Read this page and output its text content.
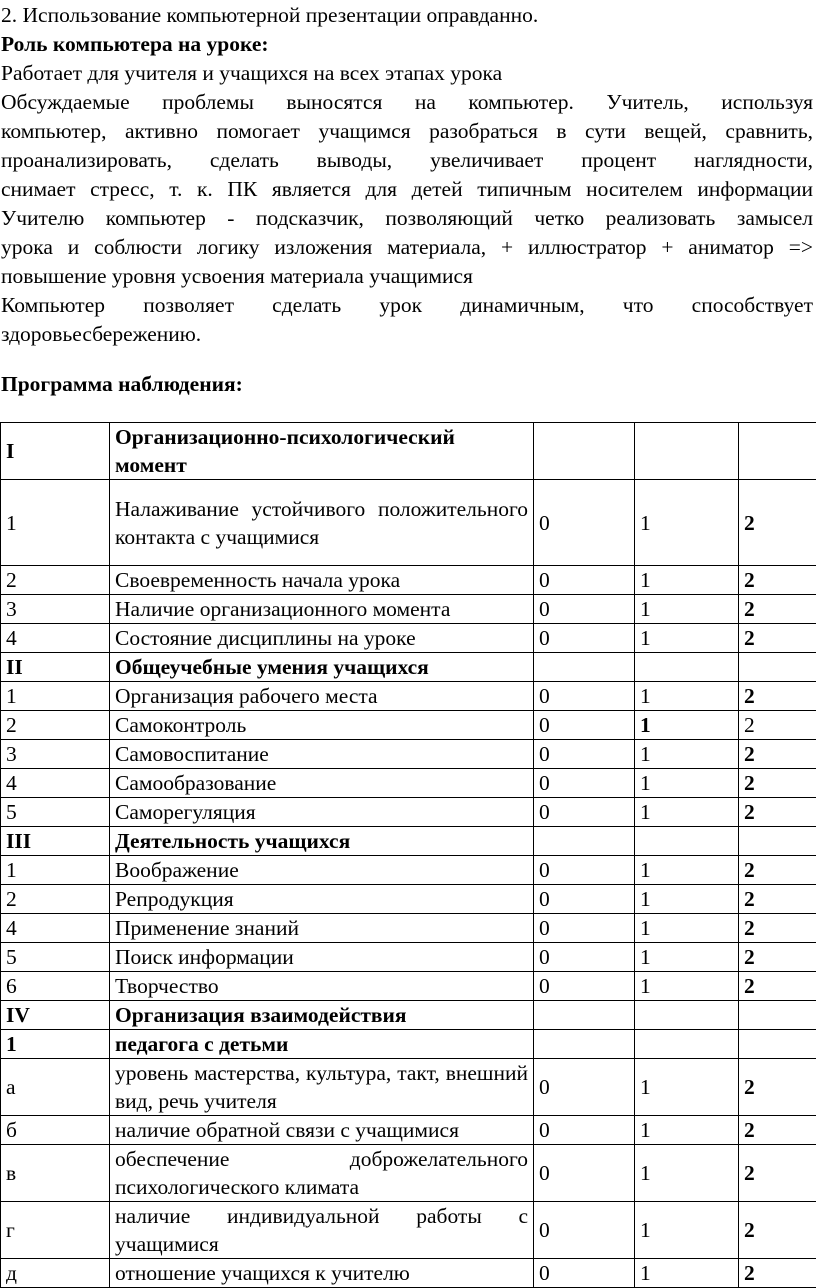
2. Использование компьютерной презентации оправданно.

Роль компьютера на уроке:

Работает для учителя и учащихся на всех этапах урока

Обсуждаемые проблемы выносятся на компьютер. Учитель, используя

компьютер, активно помогает учащимся разобраться в сути вещей, сравнить,

проанализировать, сделать выводы, увеличивает процент наглядности,

снимает стресс, т. к. ПК является для детей типичным носителем информации

Учителю компьютер - подсказчик, позволяющий четко реализовать замысел

урока и соблюсти логику изложения материала, + иллюстратор + аниматор =>

повышение уровня усвоения материала учащимися

Компьютер позволяет сделать урок динамичным, что способствует

здоровьесбережению.

Программа наблюдения:

I	Организационно-психологический момент			
1	Налаживание устойчивого положительного контакта с учащимися	0	1	2
2	Своевременность начала урока	0	1	2
3	Наличие организационного момента	0	1	2
4	Состояние дисциплины на уроке	0	1	2
II	Общеучебные умения учащихся			
1	Организация рабочего места	0	1	2
2	Самоконтроль	0	1	2
3	Самовоспитание	0	1	2
4	Самообразование	0	1	2
5	Саморегуляция	0	1	2
III	Деятельность учащихся			
1	Воображение	0	1	2
2	Репродукция	0	1	2
4	Применение знаний	0	1	2
5	Поиск информации	0	1	2
6	Творчество	0	1	2
IV	Организация взаимодействия			
1	педагога с детьми			
а	уровень мастерства, культура, такт, внешний вид, речь учителя	0	1	2
б	наличие обратной связи с учащимися	0	1	2
в	обеспечение доброжелательного психологического климата	0	1	2
г	наличие индивидуальной работы с учащимися	0	1	2
д	отношение учащихся к учителю	0	1	2
